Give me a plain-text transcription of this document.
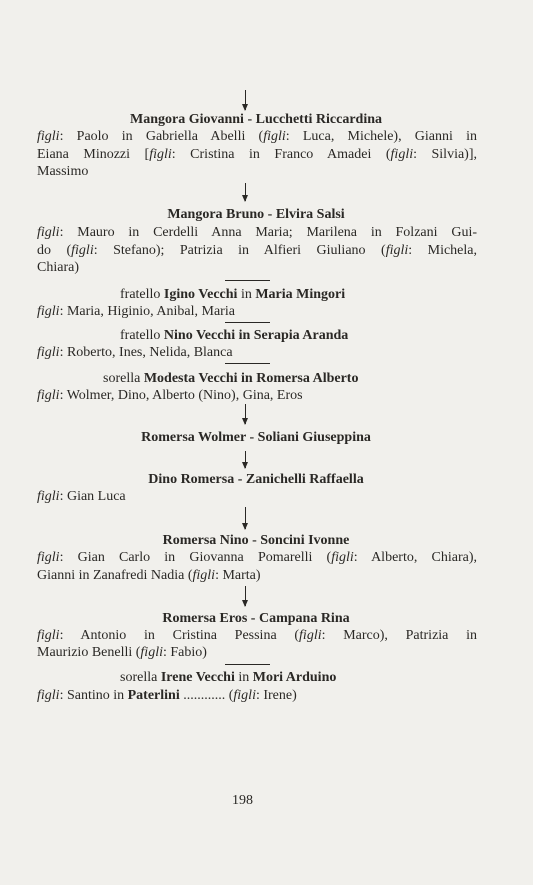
Mangora Giovanni - Lucchetti Riccardina
figli: Paolo in Gabriella Abelli (figli: Luca, Michele), Gianni in
Eiana Minozzi [figli: Cristina in Franco Amadei (figli: Silvia)],
Massimo
Mangora Bruno - Elvira Salsi
figli: Mauro in Cerdelli Anna Maria; Marilena in Folzani Gui-
do (figli: Stefano); Patrizia in Alfieri Giuliano (figli: Michela,
Chiara)
fratello Igino Vecchi in Maria Mingori
figli: Maria, Higinio, Anibal, Maria
fratello Nino Vecchi in Serapia Aranda
figli: Roberto, Ines, Nelida, Blanca
sorella Modesta Vecchi in Romersa Alberto
figli: Wolmer, Dino, Alberto (Nino), Gina, Eros
Romersa Wolmer - Soliani Giuseppina
Dino Romersa - Zanichelli Raffaella
figli: Gian Luca
Romersa Nino - Soncini Ivonne
figli: Gian Carlo in Giovanna Pomarelli (figli: Alberto, Chiara),
Gianni in Zanafredi Nadia (figli: Marta)
Romersa Eros - Campana Rina
figli: Antonio in Cristina Pessina (figli: Marco), Patrizia in
Maurizio Benelli (figli: Fabio)
sorella Irene Vecchi in Mori Arduino
figli: Santino in Paterlini ............ (figli: Irene)
198
